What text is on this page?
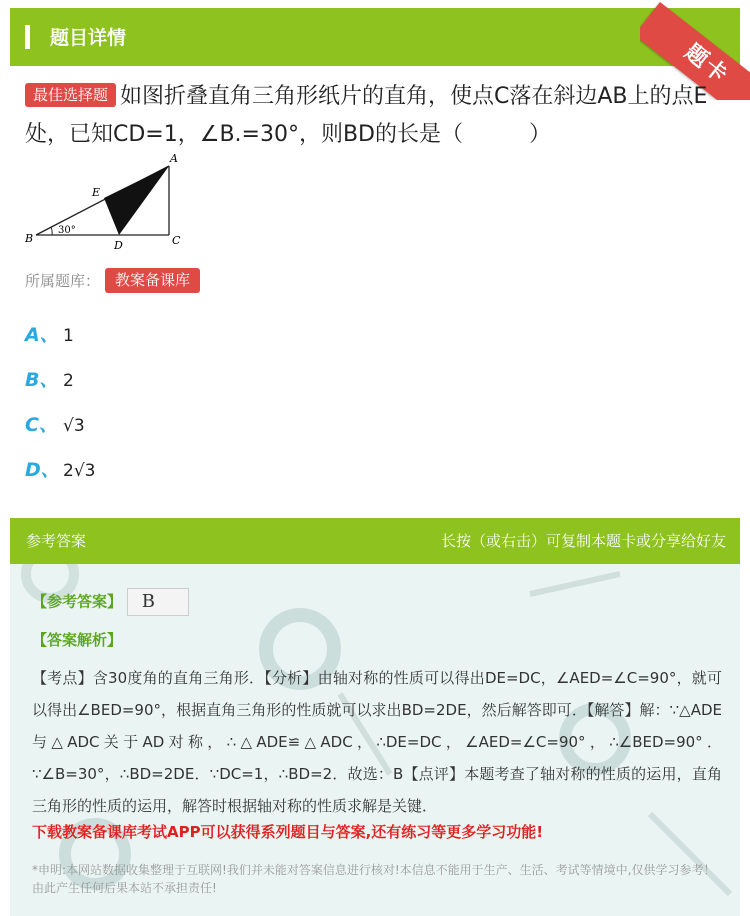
题目详情
题卡
最佳选择题 如图折叠直角三角形纸片的直角，使点C落在斜边AB上的点E处，已知CD=1，∠B.=30°，则BD的长是（　　　）
A
B	C
D
E
30°
所属题库： 教案备课库
A、 1
B、 2
C、 √3
D、 2√3
参考答案	长按（或右击）可复制本题卡或分享给好友
【参考答案】 B
【答案解析】
【考点】含30度角的直角三角形．【分析】由轴对称的性质可以得出DE=DC，∠AED=∠C=90°，就可以得出∠BED=90°，根据直角三角形的性质就可以求出BD=2DE，然后解答即可．【解答】解：∵△ADE与△ADC关于AD对称，∴△ADE≌△ADC，∴DE=DC，∠AED=∠C=90°，∴∠BED=90°．∵∠B=30°，∴BD=2DE．∵DC=1，∴BD=2．故选：B【点评】本题考查了轴对称的性质的运用，直角三角形的性质的运用，解答时根据轴对称的性质求解是关键．
下载教案备课库考试APP可以获得系列题目与答案,还有练习等更多学习功能!
*申明:本网站数据收集整理于互联网!我们并未能对答案信息进行核对!本信息不能用于生产、生活、考试等情境中,仅供学习参考！由此产生任何后果本站不承担责任!
